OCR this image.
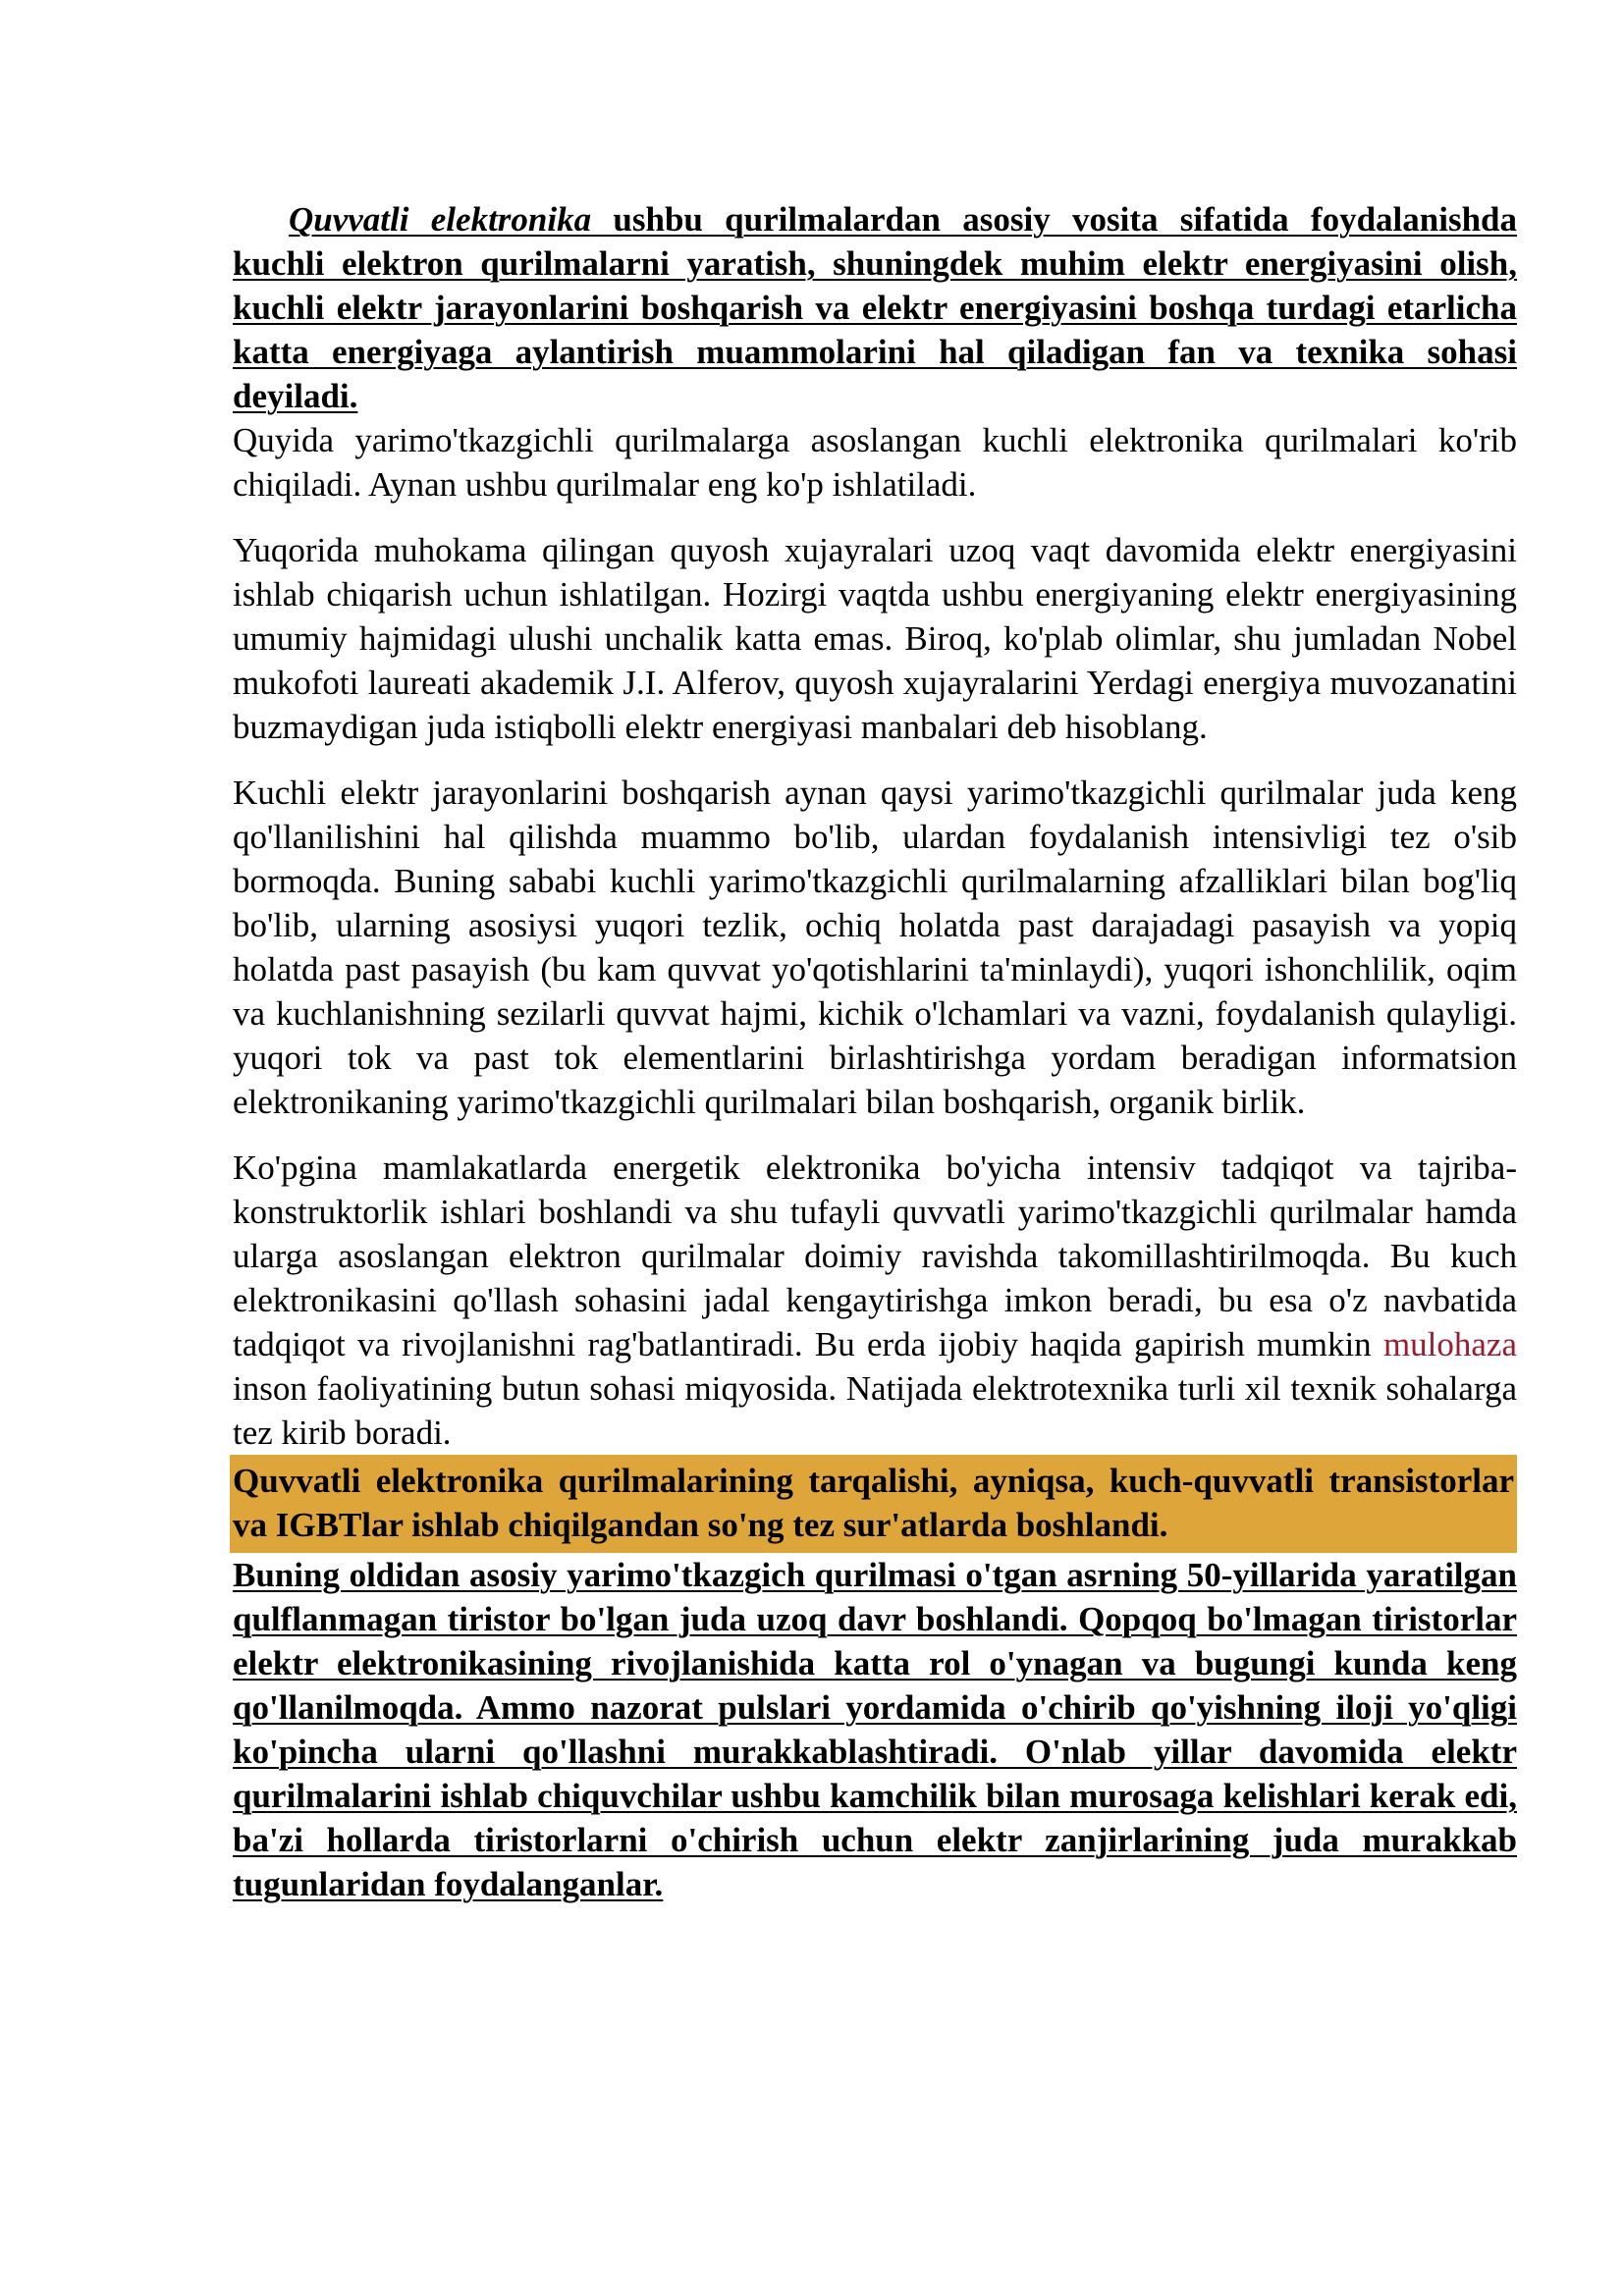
Quvvatli elektronika ushbu qurilmalardan asosiy vosita sifatida foydalanishda kuchli elektron qurilmalarni yaratish, shuningdek muhim elektr energiyasini olish, kuchli elektr jarayonlarini boshqarish va elektr energiyasini boshqa turdagi etarlicha katta energiyaga aylantirish muammolarini hal qiladigan fan va texnika sohasi deyiladi.

Quyida yarimo'tkazgichli qurilmalarga asoslangan kuchli elektronika qurilmalari ko'rib chiqiladi. Aynan ushbu qurilmalar eng ko'p ishlatiladi.

Yuqorida muhokama qilingan quyosh xujayralari uzoq vaqt davomida elektr energiyasini ishlab chiqarish uchun ishlatilgan. Hozirgi vaqtda ushbu energiyaning elektr energiyasining umumiy hajmidagi ulushi unchalik katta emas. Biroq, ko'plab olimlar, shu jumladan Nobel mukofoti laureati akademik J.I. Alferov, quyosh xujayralarini Yerdagi energiya muvozanatini buzmaydigan juda istiqbolli elektr energiyasi manbalari deb hisoblang.

Kuchli elektr jarayonlarini boshqarish aynan qaysi yarimo'tkazgichli qurilmalar juda keng qo'llanilishini hal qilishda muammo bo'lib, ulardan foydalanish intensivligi tez o'sib bormoqda. Buning sababi kuchli yarimo'tkazgichli qurilmalarning afzalliklari bilan bog'liq bo'lib, ularning asosiysi yuqori tezlik, ochiq holatda past darajadagi pasayish va yopiq holatda past pasayish (bu kam quvvat yo'qotishlarini ta'minlaydi), yuqori ishonchlilik, oqim va kuchlanishning sezilarli quvvat hajmi, kichik o'lchamlari va vazni, foydalanish qulayligi. yuqori tok va past tok elementlarini birlashtirishga yordam beradigan informatsion elektronikaning yarimo'tkazgichli qurilmalari bilan boshqarish, organik birlik.

Ko'pgina mamlakatlarda energetik elektronika bo'yicha intensiv tadqiqot va tajriba-konstruktorlik ishlari boshlandi va shu tufayli quvvatli yarimo'tkazgichli qurilmalar hamda ularga asoslangan elektron qurilmalar doimiy ravishda takomillashtirilmoqda. Bu kuch elektronikasini qo'llash sohasini jadal kengaytirishga imkon beradi, bu esa o'z navbatida tadqiqot va rivojlanishni rag'batlantiradi. Bu erda ijobiy haqida gapirish mumkin mulohaza inson faoliyatining butun sohasi miqyosida. Natijada elektrotexnika turli xil texnik sohalarga tez kirib boradi.

Quvvatli elektronika qurilmalarining tarqalishi, ayniqsa, kuch-quvvatli transistorlar va IGBTlar ishlab chiqilgandan so'ng tez sur'atlarda boshlandi.

Buning oldidan asosiy yarimo'tkazgich qurilmasi o'tgan asrning 50-yillarida yaratilgan qulflanmagan tiristor bo'lgan juda uzoq davr boshlandi. Qopqoq bo'lmagan tiristorlar elektr elektronikasining rivojlanishida katta rol o'ynagan va bugungi kunda keng qo'llanilmoqda. Ammo nazorat pulslari yordamida o'chirib qo'yishning iloji yo'qligi ko'pincha ularni qo'llashni murakkablashtiradi. O'nlab yillar davomida elektr qurilmalarini ishlab chiquvchilar ushbu kamchilik bilan murosaga kelishlari kerak edi, ba'zi hollarda tiristorlarni o'chirish uchun elektr zanjirlarining juda murakkab tugunlaridan foydalanganlar.
